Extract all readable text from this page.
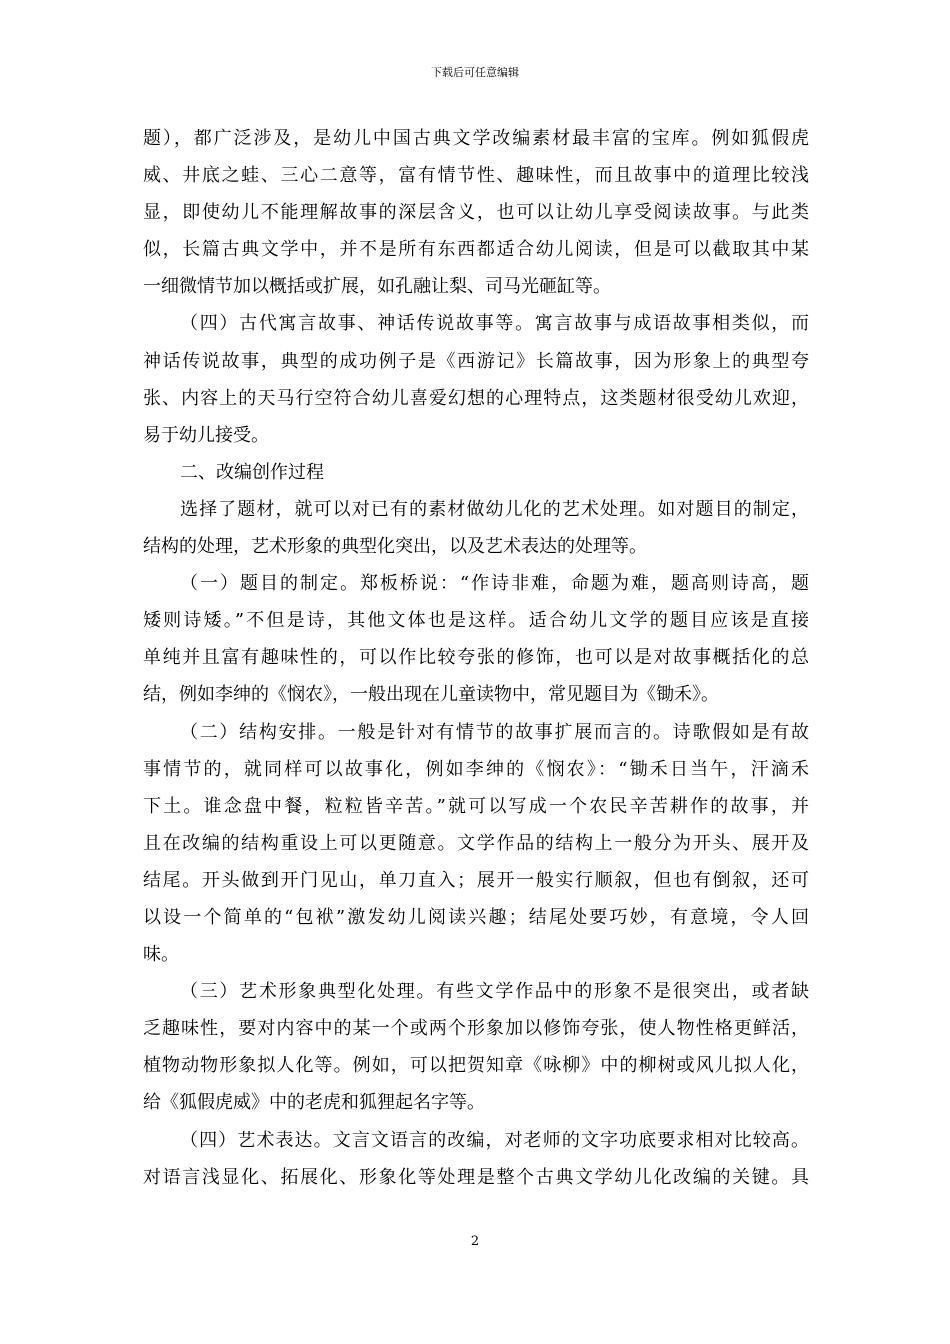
下载后可任意编辑
题），都广泛涉及，是幼儿中国古典文学改编素材最丰富的宝库。例如狐假虎
威、井底之蛙、三心二意等，富有情节性、趣味性，而且故事中的道理比较浅
显，即使幼儿不能理解故事的深层含义，也可以让幼儿享受阅读故事。与此类
似，长篇古典文学中，并不是所有东西都适合幼儿阅读，但是可以截取其中某
一细微情节加以概括或扩展，如孔融让梨、司马光砸缸等。
（四）古代寓言故事、神话传说故事等。寓言故事与成语故事相类似，而
神话传说故事，典型的成功例子是《西游记》长篇故事，因为形象上的典型夸
张、内容上的天马行空符合幼儿喜爱幻想的心理特点，这类题材很受幼儿欢迎，
易于幼儿接受。
二、改编创作过程
选择了题材，就可以对已有的素材做幼儿化的艺术处理。如对题目的制定，
结构的处理，艺术形象的典型化突出，以及艺术表达的处理等。
（一）题目的制定。郑板桥说：“作诗非难，命题为难，题高则诗高，题
矮则诗矮。”不但是诗，其他文体也是这样。适合幼儿文学的题目应该是直接
单纯并且富有趣味性的，可以作比较夸张的修饰，也可以是对故事概括化的总
结，例如李绅的《悯农》，一般出现在儿童读物中，常见题目为《锄禾》。
（二）结构安排。一般是针对有情节的故事扩展而言的。诗歌假如是有故
事情节的，就同样可以故事化，例如李绅的《悯农》：“锄禾日当午，汗滴禾
下土。谁念盘中餐，粒粒皆辛苦。”就可以写成一个农民辛苦耕作的故事，并
且在改编的结构重设上可以更随意。文学作品的结构上一般分为开头、展开及
结尾。开头做到开门见山，单刀直入；展开一般实行顺叙，但也有倒叙，还可
以设一个简单的“包袱”激发幼儿阅读兴趣；结尾处要巧妙，有意境，令人回
味。
（三）艺术形象典型化处理。有些文学作品中的形象不是很突出，或者缺
乏趣味性，要对内容中的某一个或两个形象加以修饰夸张，使人物性格更鲜活，
植物动物形象拟人化等。例如，可以把贺知章《咏柳》中的柳树或风儿拟人化，
给《狐假虎威》中的老虎和狐狸起名字等。
（四）艺术表达。文言文语言的改编，对老师的文字功底要求相对比较高。
对语言浅显化、拓展化、形象化等处理是整个古典文学幼儿化改编的关键。具
2
